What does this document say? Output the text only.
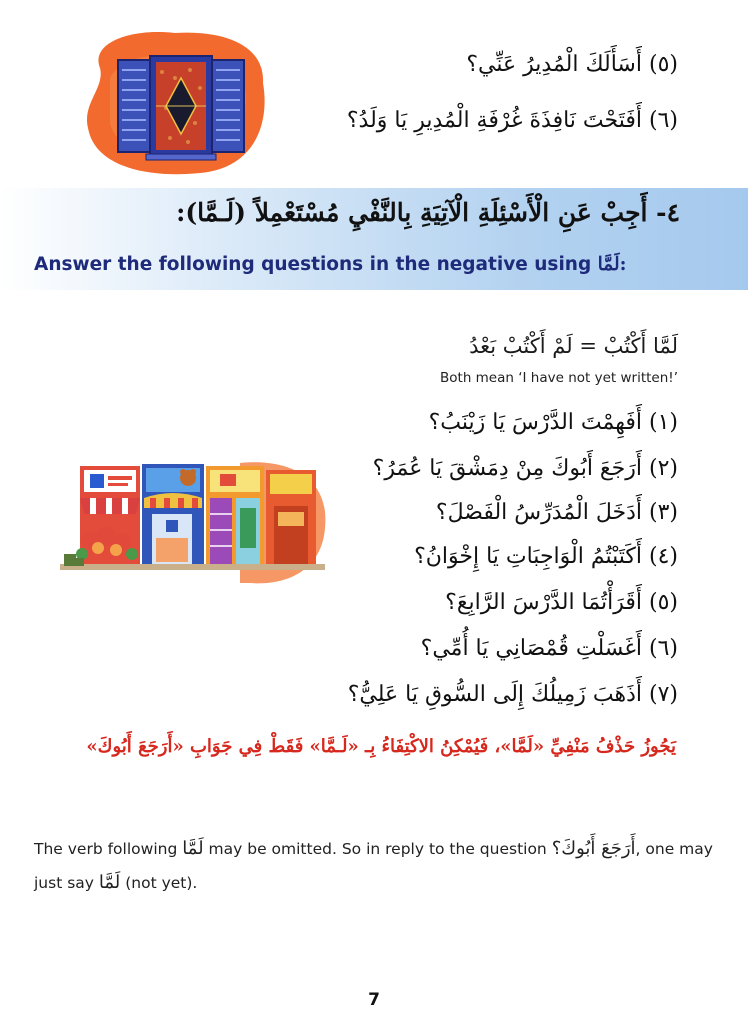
(٥) أَسَأَلَكَ الْمُدِيرُ عَنِّي؟
(٦) أَفَتَحْتَ نَافِذَةَ غُرْفَةِ الْمُدِيرِ يَا وَلَدُ؟
٤- أَجِبْ عَنِ الْأَسْئِلَةِ الْآتِيَةِ بِالنَّفْيِ مُسْتَعْمِلاً (لَـمَّا):
Answer the following questions in the negative using لَمَّا:
لَمَّا أَكْتُبْ = لَمْ أَكْتُبْ بَعْدُ
Both mean ‘I have not yet written!’
(١) أَفَهِمْتَ الدَّرْسَ يَا زَيْنَبُ؟
(٢) أَرَجَعَ أَبُوكَ مِنْ دِمَشْقَ يَا عُمَرُ؟
(٣) أَدَخَلَ الْمُدَرِّسُ الْفَصْلَ؟
(٤) أَكَتَبْتُمُ الْوَاجِبَاتِ يَا إِخْوَانُ؟
(٥) أَقَرَأْتُمَا الدَّرْسَ الرَّابِعَ؟
(٦) أَغَسَلْتِ قُمْصَانِي يَا أُمِّي؟
(٧) أَذَهَبَ زَمِيلُكَ إِلَى السُّوقِ يَا عَلِيُّ؟
يَجُوزُ حَذْفُ مَنْفِيِّ «لَمَّا»، فَيُمْكِنُ الاكْتِفَاءُ بِـ «لَـمَّا» فَقَطْ فِي جَوَابِ «أَرَجَعَ أَبُوكَ»
The verb following لَمَّا may be omitted. So in reply to the question أَرَجَعَ أَبُوكَ؟, one may just say لَمَّا (not yet).
7
